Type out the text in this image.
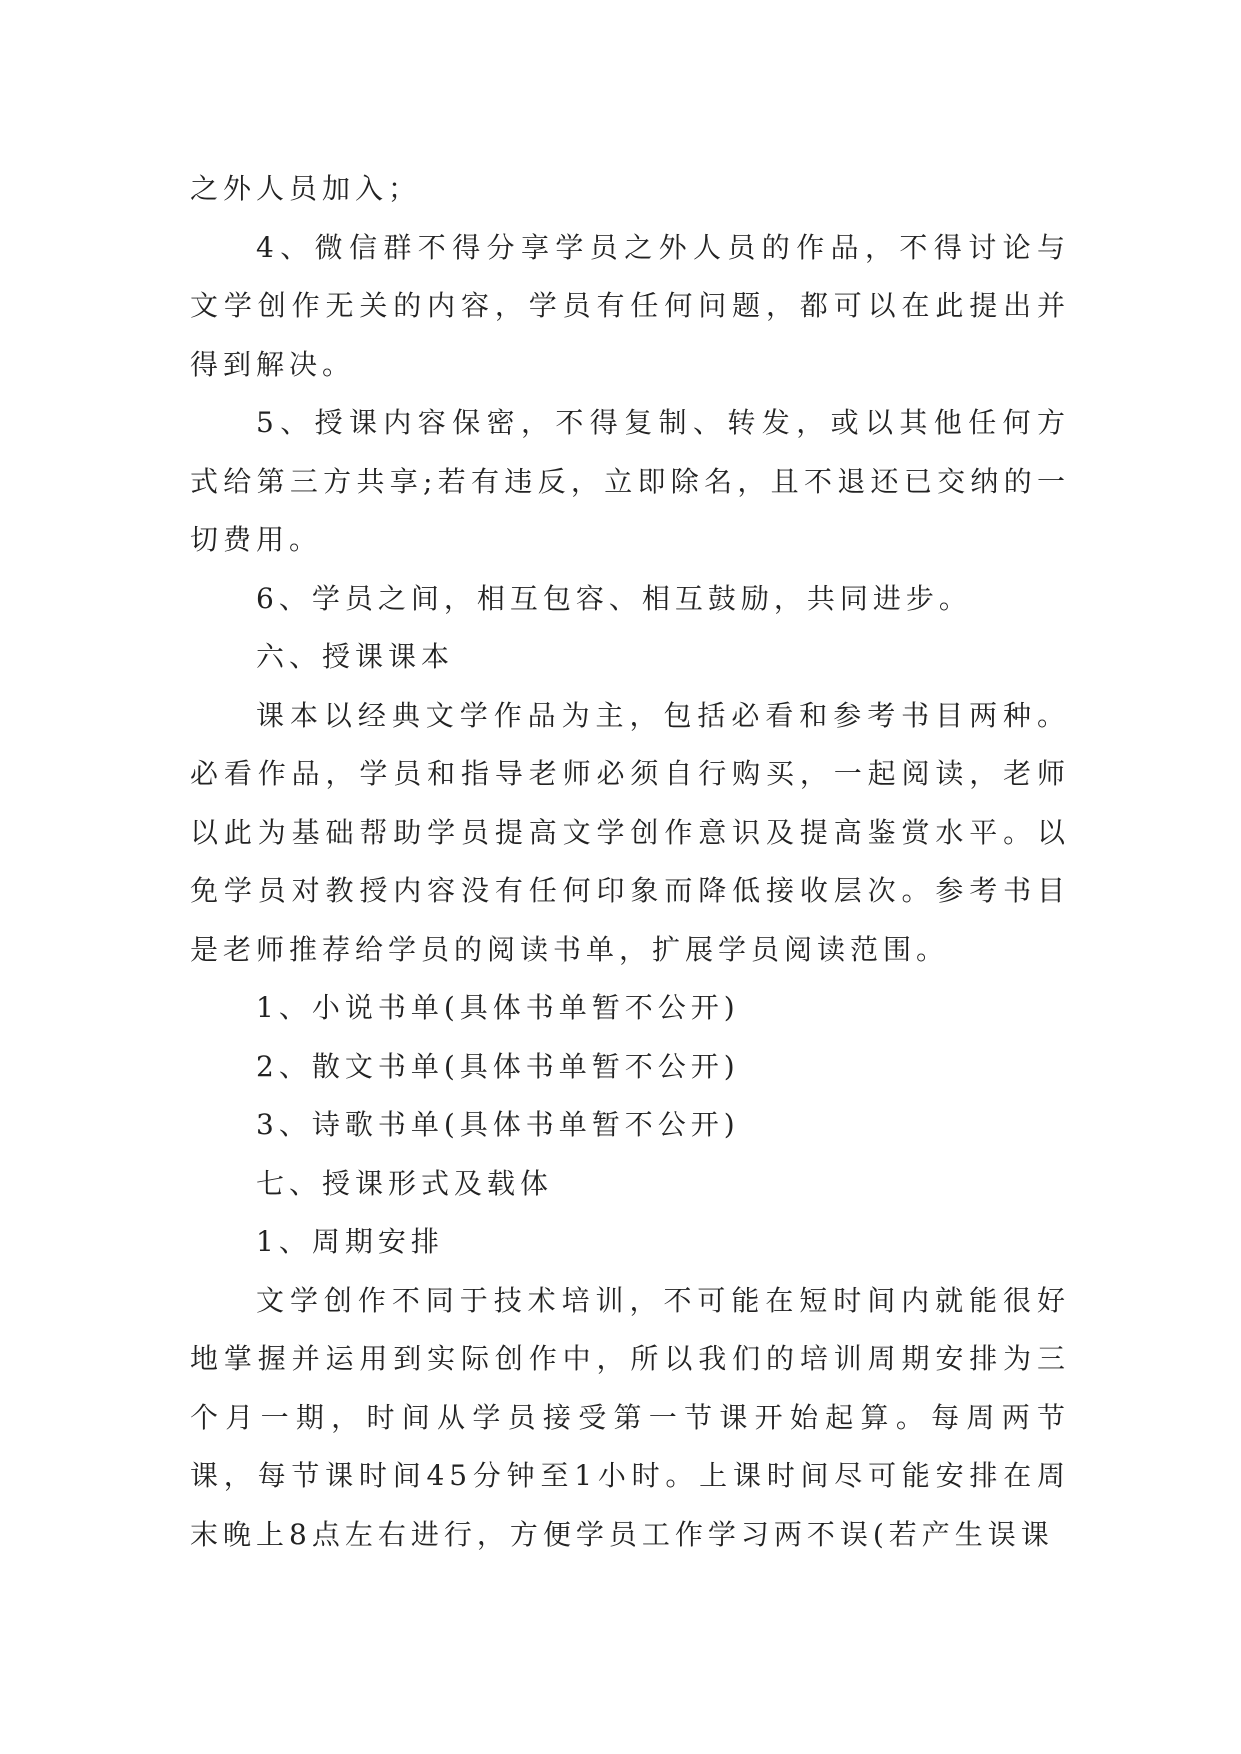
之外人员加入；

4、微信群不得分享学员之外人员的作品，不得讨论与文学创作无关的内容，学员有任何问题，都可以在此提出并得到解决。

5、授课内容保密，不得复制、转发，或以其他任何方式给第三方共享;若有违反，立即除名，且不退还已交纳的一切费用。

6、学员之间，相互包容、相互鼓励，共同进步。

六、授课课本

课本以经典文学作品为主，包括必看和参考书目两种。必看作品，学员和指导老师必须自行购买，一起阅读，老师以此为基础帮助学员提高文学创作意识及提高鉴赏水平。以免学员对教授内容没有任何印象而降低接收层次。参考书目是老师推荐给学员的阅读书单，扩展学员阅读范围。

1、小说书单(具体书单暂不公开)

2、散文书单(具体书单暂不公开)

3、诗歌书单(具体书单暂不公开)

七、授课形式及载体

1、周期安排

文学创作不同于技术培训，不可能在短时间内就能很好地掌握并运用到实际创作中，所以我们的培训周期安排为三个月一期，时间从学员接受第一节课开始起算。每周两节课，每节课时间45分钟至1小时。上课时间尽可能安排在周末晚上8点左右进行，方便学员工作学习两不误(若产生误课
